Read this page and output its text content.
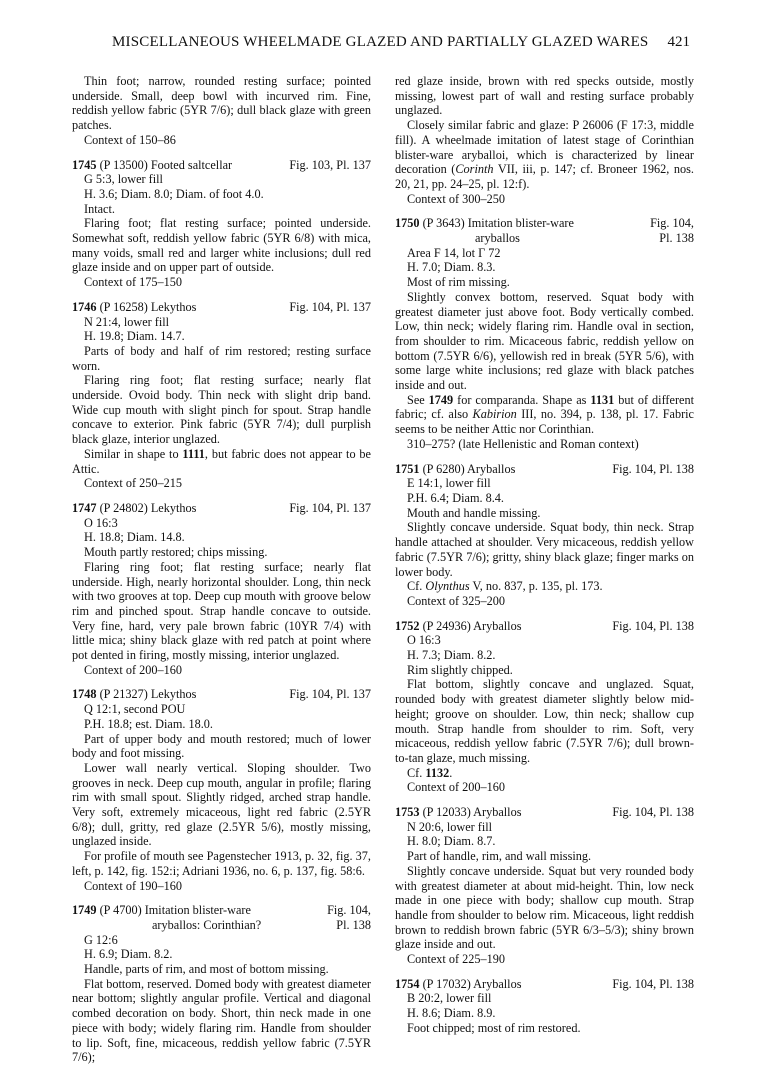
MISCELLANEOUS WHEELMADE GLAZED AND PARTIALLY GLAZED WARES 421

Thin foot; narrow, rounded resting surface; pointed underside. Small, deep bowl with incurved rim. Fine, reddish yellow fabric (5YR 7/6); dull black glaze with green patches.

Context of 150–86

1745 (P 13500) Footed saltcellar	Fig. 103, Pl. 137

G 5:3, lower fill

H. 3.6; Diam. 8.0; Diam. of foot 4.0.

Intact.

Flaring foot; flat resting surface; pointed underside. Somewhat soft, reddish yellow fabric (5YR 6/8) with mica, many voids, small red and larger white inclusions; dull red glaze inside and on upper part of outside.

Context of 175–150

1746 (P 16258) Lekythos	Fig. 104, Pl. 137

N 21:4, lower fill

H. 19.8; Diam. 14.7.

Parts of body and half of rim restored; resting surface worn.

Flaring ring foot; flat resting surface; nearly flat underside. Ovoid body. Thin neck with slight drip band. Wide cup mouth with slight pinch for spout. Strap handle concave to exterior. Pink fabric (5YR 7/4); dull purplish black glaze, interior unglazed.

Similar in shape to 1111, but fabric does not appear to be Attic.

Context of 250–215

1747 (P 24802) Lekythos	Fig. 104, Pl. 137

O 16:3

H. 18.8; Diam. 14.8.

Mouth partly restored; chips missing.

Flaring ring foot; flat resting surface; nearly flat underside. High, nearly horizontal shoulder. Long, thin neck with two grooves at top. Deep cup mouth with groove below rim and pinched spout. Strap handle concave to outside. Very fine, hard, very pale brown fabric (10YR 7/4) with little mica; shiny black glaze with red patch at point where pot dented in firing, mostly missing, interior unglazed.

Context of 200–160

1748 (P 21327) Lekythos	Fig. 104, Pl. 137

Q 12:1, second POU

P.H. 18.8; est. Diam. 18.0.

Part of upper body and mouth restored; much of lower body and foot missing.

Lower wall nearly vertical. Sloping shoulder. Two grooves in neck. Deep cup mouth, angular in profile; flaring rim with small spout. Slightly ridged, arched strap handle. Very soft, extremely micaceous, light red fabric (2.5YR 6/8); dull, gritty, red glaze (2.5YR 5/6), mostly missing, unglazed inside.

For profile of mouth see Pagenstecher 1913, p. 32, fig. 37, left, p. 142, fig. 152:i; Adriani 1936, no. 6, p. 137, fig. 58:6.

Context of 190–160

1749 (P 4700) Imitation blister-ware
aryballos: Corinthian?
Fig. 104,
Pl. 138

G 12:6

H. 6.9; Diam. 8.2.

Handle, parts of rim, and most of bottom missing.

Flat bottom, reserved. Domed body with greatest diameter near bottom; slightly angular profile. Vertical and diagonal combed decoration on body. Short, thin neck made in one piece with body; widely flaring rim. Handle from shoulder to lip. Soft, fine, micaceous, reddish yellow fabric (7.5YR 7/6);

red glaze inside, brown with red specks outside, mostly missing, lowest part of wall and resting surface probably unglazed.

Closely similar fabric and glaze: P 26006 (F 17:3, middle fill). A wheelmade imitation of latest stage of Corinthian blister-ware aryballoi, which is characterized by linear decoration (Corinth VII, iii, p. 147; cf. Broneer 1962, nos. 20, 21, pp. 24–25, pl. 12:f).

Context of 300–250

1750 (P 3643) Imitation blister-ware
aryballos
Fig. 104,
Pl. 138

Area F 14, lot Γ 72

H. 7.0; Diam. 8.3.

Most of rim missing.

Slightly convex bottom, reserved. Squat body with greatest diameter just above foot. Body vertically combed. Low, thin neck; widely flaring rim. Handle oval in section, from shoulder to rim. Micaceous fabric, reddish yellow on bottom (7.5YR 6/6), yellowish red in break (5YR 5/6), with some large white inclusions; red glaze with black patches inside and out.

See 1749 for comparanda. Shape as 1131 but of different fabric; cf. also Kabirion III, no. 394, p. 138, pl. 17. Fabric seems to be neither Attic nor Corinthian.

310–275? (late Hellenistic and Roman context)

1751 (P 6280) Aryballos	Fig. 104, Pl. 138

E 14:1, lower fill

P.H. 6.4; Diam. 8.4.

Mouth and handle missing.

Slightly concave underside. Squat body, thin neck. Strap handle attached at shoulder. Very micaceous, reddish yellow fabric (7.5YR 7/6); gritty, shiny black glaze; finger marks on lower body.

Cf. Olynthus V, no. 837, p. 135, pl. 173.

Context of 325–200

1752 (P 24936) Aryballos	Fig. 104, Pl. 138

O 16:3

H. 7.3; Diam. 8.2.

Rim slightly chipped.

Flat bottom, slightly concave and unglazed. Squat, rounded body with greatest diameter slightly below mid-height; groove on shoulder. Low, thin neck; shallow cup mouth. Strap handle from shoulder to rim. Soft, very micaceous, reddish yellow fabric (7.5YR 7/6); dull brown-to-tan glaze, much missing.

Cf. 1132.

Context of 200–160

1753 (P 12033) Aryballos	Fig. 104, Pl. 138

N 20:6, lower fill

H. 8.0; Diam. 8.7.

Part of handle, rim, and wall missing.

Slightly concave underside. Squat but very rounded body with greatest diameter at about mid-height. Thin, low neck made in one piece with body; shallow cup mouth. Strap handle from shoulder to below rim. Micaceous, light reddish brown to reddish brown fabric (5YR 6/3–5/3); shiny brown glaze inside and out.

Context of 225–190

1754 (P 17032) Aryballos	Fig. 104, Pl. 138

B 20:2, lower fill

H. 8.6; Diam. 8.9.

Foot chipped; most of rim restored.
